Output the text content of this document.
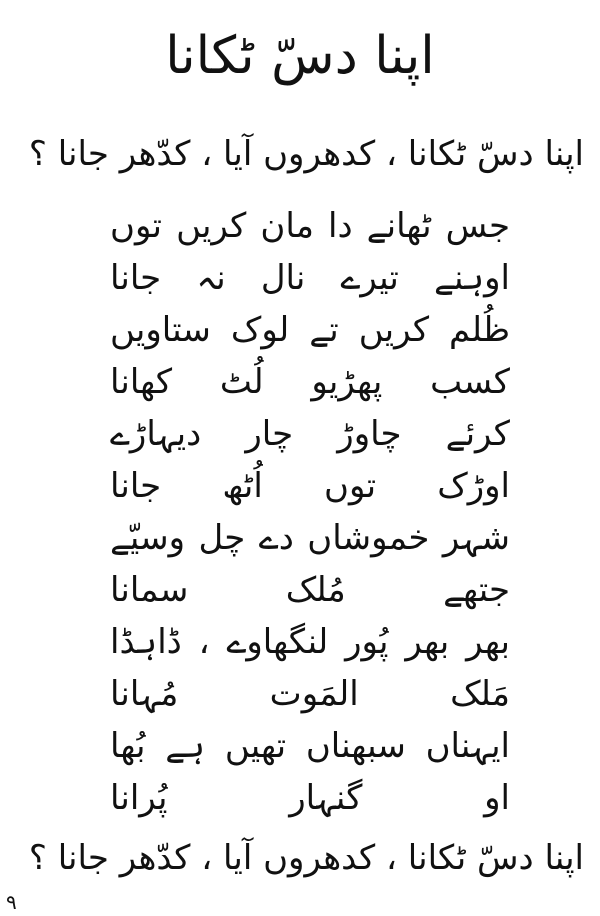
اپنا دسّ ٹکانا
اپنا دسّ ٹکانا ، کدھروں آیا ، کدّھر جانا ؟
جس ٹھانے دا مان کریں توں
اوہنے تیرے نال نہ جانا
ظُلم کریں تے لوک ستاویں
کسب پھڑیو لُٹ کھانا
کرئے چاوڑ چار دیہاڑے
اوڑک توں اُٹھ جانا
شہر خموشاں دے چل وسیّے
جتھے مُلک سمانا
بھر بھر پُور لنگھاوے ، ڈاہڈا
مَلک المَوت مُہانا
ایہناں سبھناں تھیں ہے بُھا
او گنہار پُرانا
اپنا دسّ ٹکانا ، کدھروں آیا ، کدّھر جانا ؟
۹
